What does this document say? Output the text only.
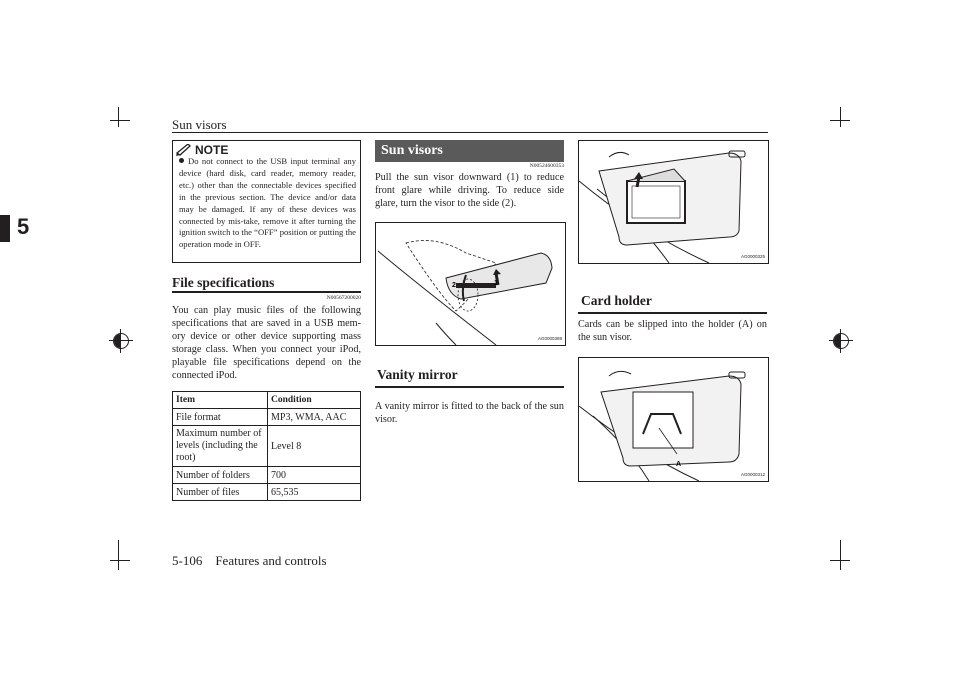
Sun visors
5-106    Features and controls
5
NOTE
Do not connect to the USB input terminal any device (hard disk, card reader, memory reader, etc.) other than the connectable devices specified in the previous section. The device and/or data may be damaged. If any of these devices was connected by mis-take, remove it after turning the ignition switch to the “OFF” position or putting the operation mode in OFF.
File specifications
N00567200020
You can play music files of the following specifications that are saved in a USB mem-ory device or other device supporting mass storage class. When you connect your iPod, playable file specifications depend on the connected iPod.
Item	Condition
File format	MP3, WMA, AAC
Maximum number of levels (including the root)	Level 8
Number of folders	700
Number of files	65,535
Sun visors
N00524600353
Pull the sun visor downward (1) to reduce front glare while driving. To reduce side glare, turn the visor to the side (2).
1
2
AG0000389
Vanity mirror
A vanity mirror is fitted to the back of the sun visor.
AG0000325
Card holder
Cards can be slipped into the holder (A) on the sun visor.
A
AG0000312
